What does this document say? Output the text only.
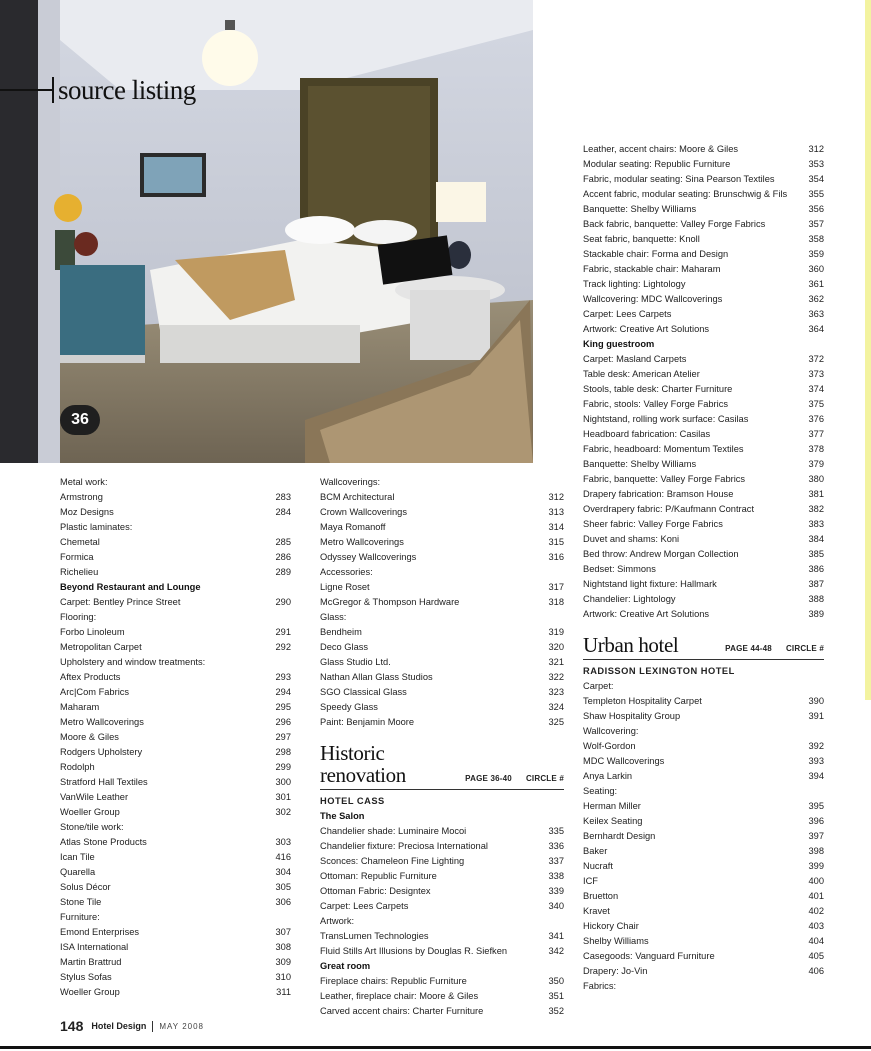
source listing
36
Metal work:
Armstrong	283
Moz Designs	284
Plastic laminates:
Chemetal	285
Formica	286
Richelieu	289
Beyond Restaurant and Lounge
Carpet: Bentley Prince Street	290
Flooring:
Forbo Linoleum	291
Metropolitan Carpet	292
Upholstery and window treatments:
Aftex Products	293
Arc|Com Fabrics	294
Maharam	295
Metro Wallcoverings	296
Moore & Giles	297
Rodgers Upholstery	298
Rodolph	299
Stratford Hall Textiles	300
VanWile Leather	301
Woeller Group	302
Stone/tile work:
Atlas Stone Products	303
Ican Tile	416
Quarella	304
Solus Décor	305
Stone Tile	306
Furniture:
Emond Enterprises	307
ISA International	308
Martin Brattrud	309
Stylus Sofas	310
Woeller Group	311
Wallcoverings:
BCM Architectural	312
Crown Wallcoverings	313
Maya Romanoff	314
Metro Wallcoverings	315
Odyssey Wallcoverings	316
Accessories:
Ligne Roset	317
McGregor & Thompson Hardware	318
Glass:
Bendheim	319
Deco Glass	320
Glass Studio Ltd.	321
Nathan Allan Glass Studios	322
SGO Classical Glass	323
Speedy Glass	324
Paint: Benjamin Moore	325
Historic renovation	PAGE 36-40 CIRCLE #
HOTEL CASS
The Salon
Chandelier shade: Luminaire Mocoi	335
Chandelier fixture: Preciosa International	336
Sconces: Chameleon Fine Lighting	337
Ottoman: Republic Furniture	338
Ottoman Fabric: Designtex	339
Carpet: Lees Carpets	340
Artwork:
TransLumen Technologies	341
Fluid Stills Art Illusions by Douglas R. Siefken	342
Great room
Fireplace chairs: Republic Furniture	350
Leather, fireplace chair: Moore & Giles	351
Carved accent chairs: Charter Furniture	352
Leather, accent chairs: Moore & Giles	312
Modular seating: Republic Furniture	353
Fabric, modular seating: Sina Pearson Textiles	354
Accent fabric, modular seating: Brunschwig & Fils	355
Banquette: Shelby Williams	356
Back fabric, banquette: Valley Forge Fabrics	357
Seat fabric, banquette: Knoll	358
Stackable chair: Forma and Design	359
Fabric, stackable chair: Maharam	360
Track lighting: Lightology	361
Wallcovering: MDC Wallcoverings	362
Carpet: Lees Carpets	363
Artwork: Creative Art Solutions	364
King guestroom
Carpet: Masland Carpets	372
Table desk: American Atelier	373
Stools, table desk: Charter Furniture	374
Fabric, stools: Valley Forge Fabrics	375
Nightstand, rolling work surface: Casilas	376
Headboard fabrication: Casilas	377
Fabric, headboard: Momentum Textiles	378
Banquette: Shelby Williams	379
Fabric, banquette: Valley Forge Fabrics	380
Drapery fabrication: Bramson House	381
Overdrapery fabric: P/Kaufmann Contract	382
Sheer fabric: Valley Forge Fabrics	383
Duvet and shams: Koni	384
Bed throw: Andrew Morgan Collection	385
Bedset: Simmons	386
Nightstand light fixture: Hallmark	387
Chandelier: Lightology	388
Artwork: Creative Art Solutions	389
Urban hotel	PAGE 44-48 CIRCLE #
RADISSON LEXINGTON HOTEL
Carpet:
Templeton Hospitality Carpet	390
Shaw Hospitality Group	391
Wallcovering:
Wolf-Gordon	392
MDC Wallcoverings	393
Anya Larkin	394
Seating:
Herman Miller	395
Keilex Seating	396
Bernhardt Design	397
Baker	398
Nucraft	399
ICF	400
Bruetton	401
Kravet	402
Hickory Chair	403
Shelby Williams	404
Casegoods: Vanguard Furniture	405
Drapery: Jo-Vin	406
Fabrics:
148 Hotel Design MAY 2008
